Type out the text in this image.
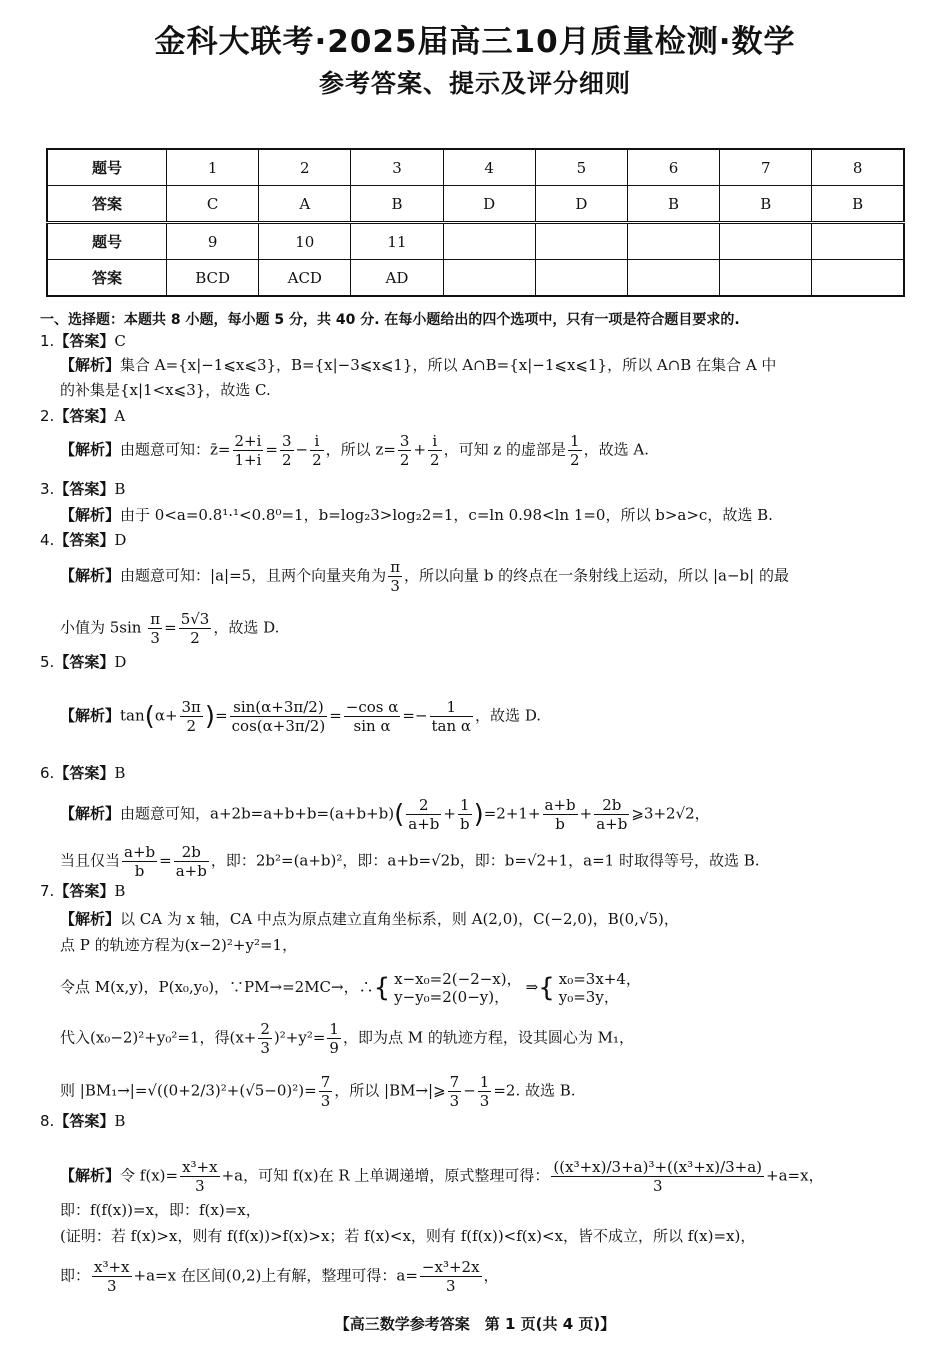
金科大联考·2025届高三10月质量检测·数学
参考答案、提示及评分细则
题号	1	2	3	4	5	6	7	8
答案	C	A	B	D	D	B	B	B
题号	9	10	11					
答案	BCD	ACD	AD					
一、选择题：本题共 8 小题，每小题 5 分，共 40 分. 在每小题给出的四个选项中，只有一项是符合题目要求的.
1.【答案】C
【解析】集合 A={x|−1⩽x⩽3}，B={x|−3⩽x⩽1}，所以 A∩B={x|−1⩽x⩽1}，所以 A∩B 在集合 A 中
的补集是{x|1<x⩽3}，故选 C.
2.【答案】A
【解析】由题意可知：z̄= $\frac{2+i}{1+i} = \frac{3}{2} - \frac{i}{2}$ ，所以 $z= \frac{3}{2} + \frac{i}{2}$ ，可知 z 的虚部是 $\frac{1}{2}$ ，故选 A.
3.【答案】B
【解析】由于 0<a=0.8¹·¹<0.8⁰=1，b=log₂3>log₂2=1，c=ln 0.98<ln 1=0，所以 b>a>c，故选 B.
4.【答案】D
【解析】由题意可知：|a|=5，且两个向量夹角为 $\frac{\pi}{3}$ ，所以向量 b 的终点在一条射线上运动，所以 |a−b| 的最
小值为 $5\sin \frac{\pi}{3} = \frac{5√3}{2}$ ，故选 D.
5.【答案】D
【解析】$\tan(\alpha+ \frac{3\pi}{2}$ )= $\frac{\sin(\alpha+3\pi/2)}{\cos(\alpha+3\pi/2)} = \frac{\text{−cos α}}{\text{sin α}} =- \frac{1}{\text{tan α}}$ ，故选 D.
6.【答案】B
【解析】由题意可知，$a+2b=a+b+b=(a+b+b)( \frac{2}{a+b} + \frac{1}{b} )=2+1+ \frac{a+b}{b} + \frac{2b}{a+b}$ ⩾3+2√2，
当且仅当 $\frac{a+b}{b} = \frac{2b}{a+b}$ ，即：2b²=(a+b)²，即：a+b=√2b，即：b=√2+1，a=1 时取得等号，故选 B.
7.【答案】B
【解析】以 CA 为 x 轴，CA 中点为原点建立直角坐标系，则 A(2,0)，C(−2,0)，B(0,√5)，
点 P 的轨迹方程为(x−2)²+y²=1，
令点 M(x,y)，P(x₀,y₀)，∵PM→=2MC→，∴{ x−x₀=2(−2−x)，
y−y₀=2(0−y)，
⇒{ x₀=3x+4，
y₀=3y，
代入(x₀−2)²+y₀²=1，得$(x+ \frac{2}{3} )^2+y^2= \frac{1}{9}$ ，即为点 M 的轨迹方程，设其圆心为 M₁，
则 $|BM_1\to|=√((0+2/3)^2+(√5-0)^2)= \frac{7}{3}$ ，所以 |BM→|⩾ $\frac{7}{3} - \frac{1}{3} =2$. 故选 B.
8.【答案】B
【解析】令 $f(x)= \frac{\text{x³+x}}{3} +a$，可知 f(x)在 R 上单调递增，原式整理可得： $\frac{\text{((x³+x)/3+a)³+((x³+x)/3+a)}}{3} +a=x$，
即：f(f(x))=x，即：f(x)=x，
(证明：若 f(x)>x，则有 f(f(x))>f(x)>x；若 f(x)<x，则有 f(f(x))<f(x)<x，皆不成立，所以 f(x)=x)，
即： $\frac{\text{x³+x}}{3} +a=x$ 在区间(0,2)上有解，整理可得：$a= \frac{\text{−x³+2x}}{3}$ ，
【高三数学参考答案　第 1 页(共 4 页)】
